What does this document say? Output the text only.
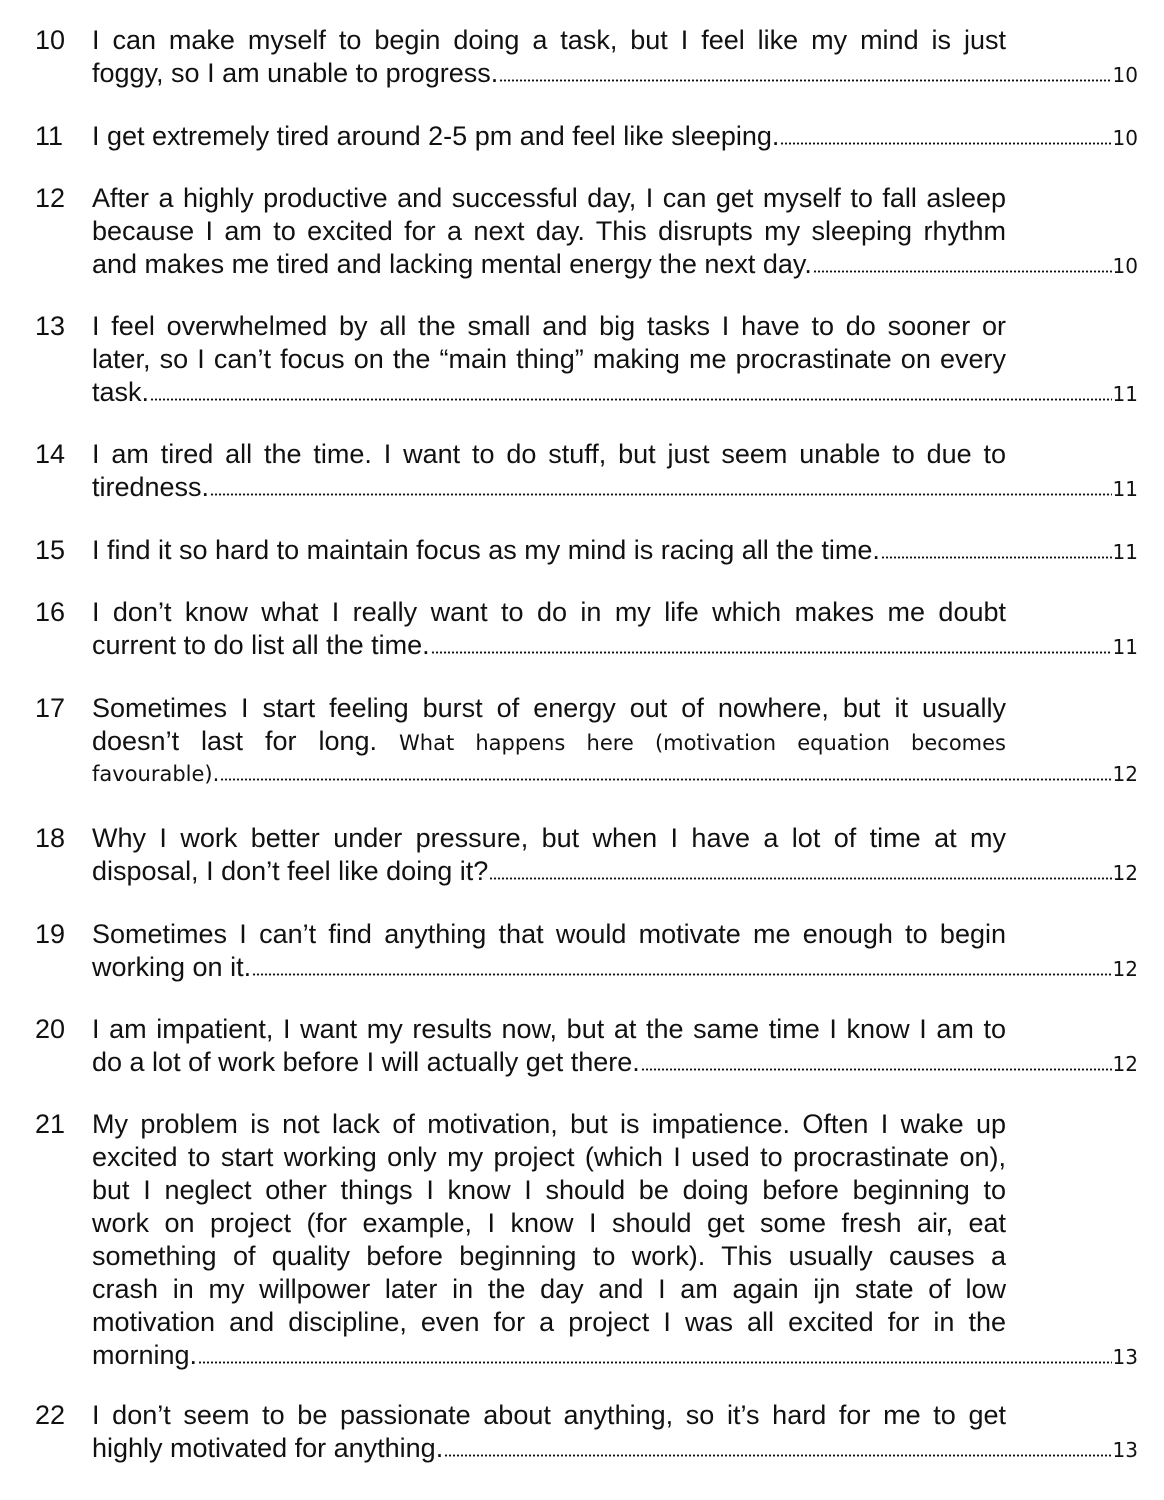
10 I can make myself to begin doing a task, but I feel like my mind is just
foggy, so I am unable to progress.	10
11 I get extremely tired around 2-5 pm and feel like sleeping.	10
12 After a highly productive and successful day, I can get myself to fall asleep
because I am to excited for a next day. This disrupts my sleeping rhythm
and makes me tired and lacking mental energy the next day.	10
13 I feel overwhelmed by all the small and big tasks I have to do sooner or
later, so I can’t focus on the “main thing” making me procrastinate on every
task.	11
14 I am tired all the time. I want to do stuff, but just seem unable to due to
tiredness.	11
15 I find it so hard to maintain focus as my mind is racing all the time.	11
16 I don’t know what I really want to do in my life which makes me doubt
current to do list all the time.	11
17 Sometimes I start feeling burst of energy out of nowhere, but it usually
doesn’t last for long. What happens here (motivation equation becomes
favourable).	12
18 Why I work better under pressure, but when I have a lot of time at my
disposal, I don’t feel like doing it?	12
19 Sometimes I can’t find anything that would motivate me enough to begin
working on it.	12
20 I am impatient, I want my results now, but at the same time I know I am to
do a lot of work before I will actually get there.	12
21 My problem is not lack of motivation, but is impatience. Often I wake up
excited to start working only my project (which I used to procrastinate on),
but I neglect other things I know I should be doing before beginning to
work on project (for example, I know I should get some fresh air, eat
something of quality before beginning to work). This usually causes a
crash in my willpower later in the day and I am again ijn state of low
motivation and discipline, even for a project I was all excited for in the
morning.	13
22 I don’t seem to be passionate about anything, so it’s hard for me to get
highly motivated for anything.	13
